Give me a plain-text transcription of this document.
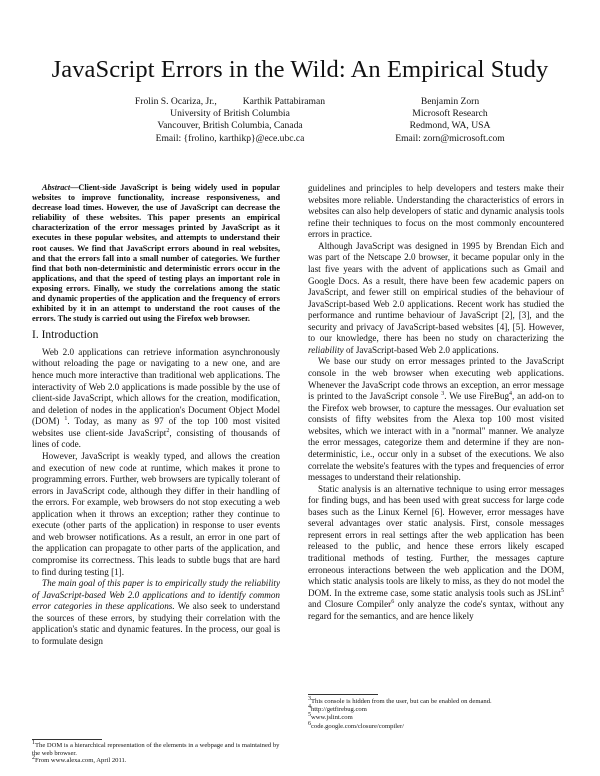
JavaScript Errors in the Wild: An Empirical Study
Frolin S. Ocariza, Jr.,	Karthik Pattabiraman
University of British Columbia
Vancouver, British Columbia, Canada
Email: {frolino, karthikp}@ece.ubc.ca
Benjamin Zorn
Microsoft Research
Redmond, WA, USA
Email: zorn@microsoft.com

Abstract—Client-side JavaScript is being widely used in popular websites to improve functionality, increase responsiveness, and decrease load times. However, the use of JavaScript can decrease the reliability of these websites. This paper presents an empirical characterization of the error messages printed by JavaScript as it executes in these popular websites, and attempts to understand their root causes. We find that JavaScript errors abound in real websites, and that the errors fall into a small number of categories. We further find that both non-deterministic and deterministic errors occur in the applications, and that the speed of testing plays an important role in exposing errors. Finally, we study the correlations among the static and dynamic properties of the application and the frequency of errors exhibited by it in an attempt to understand the root causes of the errors. The study is carried out using the Firefox web browser.

I. Introduction

Web 2.0 applications can retrieve information asynchronously without reloading the page or navigating to a new one, and are hence much more interactive than traditional web applications. The interactivity of Web 2.0 applications is made possible by the use of client-side JavaScript, which allows for the creation, modification, and deletion of nodes in the application's Document Object Model (DOM) $^1$. Today, as many as 97 of the top 100 most visited websites use client-side JavaScript$^2$, consisting of thousands of lines of code.

However, JavaScript is weakly typed, and allows the creation and execution of new code at runtime, which makes it prone to programming errors. Further, web browsers are typically tolerant of errors in JavaScript code, although they differ in their handling of the errors. For example, web browsers do not stop executing a web application when it throws an exception; rather they continue to execute (other parts of the application) in response to user events and web browser notifications. As a result, an error in one part of the application can propagate to other parts of the application, and compromise its correctness. This leads to subtle bugs that are hard to find during testing [1].

The main goal of this paper is to empirically study the reliability of JavaScript-based Web 2.0 applications and to identify common error categories in these applications. We also seek to understand the sources of these errors, by studying their correlation with the application's static and dynamic features. In the process, our goal is to formulate design

guidelines and principles to help developers and testers make their websites more reliable. Understanding the characteristics of errors in websites can also help developers of static and dynamic analysis tools refine their techniques to focus on the most commonly encountered errors in practice.

Although JavaScript was designed in 1995 by Brendan Eich and was part of the Netscape 2.0 browser, it became popular only in the last five years with the advent of applications such as Gmail and Google Docs. As a result, there have been few academic papers on JavaScript, and fewer still on empirical studies of the behaviour of JavaScript-based Web 2.0 applications. Recent work has studied the performance and runtime behaviour of JavaScript [2], [3], and the security and privacy of JavaScript-based websites [4], [5]. However, to our knowledge, there has been no study on characterizing the reliability of JavaScript-based Web 2.0 applications.

We base our study on error messages printed to the JavaScript console in the web browser when executing web applications. Whenever the JavaScript code throws an exception, an error message is printed to the JavaScript console $^3$. We use FireBug$^4$, an add-on to the Firefox web browser, to capture the messages. Our evaluation set consists of fifty websites from the Alexa top 100 most visited websites, which we interact with in a "normal" manner. We analyze the error messages, categorize them and determine if they are non-deterministic, i.e., occur only in a subset of the executions. We also correlate the website's features with the types and frequencies of error messages to understand their relationship.

Static analysis is an alternative technique to using error messages for finding bugs, and has been used with great success for large code bases such as the Linux Kernel [6]. However, error messages have several advantages over static analysis. First, console messages represent errors in real settings after the web application has been released to the public, and hence these errors likely escaped traditional methods of testing. Further, the messages capture erroneous interactions between the web application and the DOM, which static analysis tools are likely to miss, as they do not model the DOM. In the extreme case, some static analysis tools such as JSLint$^5$ and Closure Compiler$^6$ only analyze the code's syntax, without any regard for the semantics, and are hence likely

$^1$The DOM is a hierarchical representation of the elements in a webpage and is maintained by the web browser.
$^2$From www.alexa.com, April 2011.
$^3$This console is hidden from the user, but can be enabled on demand.
$^4$http://getfirebug.com
$^5$www.jslint.com
$^6$code.google.com/closure/compiler/
